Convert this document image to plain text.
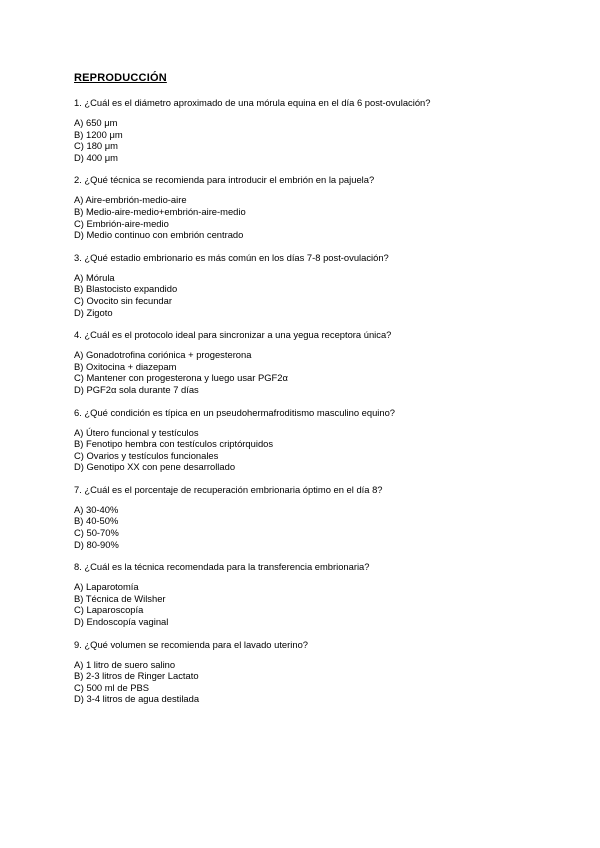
REPRODUCCIÓN
1. ¿Cuál es el diámetro aproximado de una mórula equina en el día 6 post-ovulación?
A) 650 μm
B) 1200 μm
C) 180 μm
D) 400 μm
2. ¿Qué técnica se recomienda para introducir el embrión en la pajuela?
A) Aire-embrión-medio-aire
B) Medio-aire-medio+embrión-aire-medio
C) Embrión-aire-medio
D) Medio continuo con embrión centrado
3. ¿Qué estadio embrionario es más común en los días 7-8 post-ovulación?
A) Mórula
B) Blastocisto expandido
C) Ovocito sin fecundar
D) Zigoto
4. ¿Cuál es el protocolo ideal para sincronizar a una yegua receptora única?
A) Gonadotrofina coriónica + progesterona
B) Oxitocina + diazepam
C) Mantener con progesterona y luego usar PGF2α
D) PGF2α sola durante 7 días
6. ¿Qué condición es típica en un pseudohermafroditismo masculino equino?
A) Útero funcional y testículos
B) Fenotipo hembra con testículos criptórquidos
C) Ovarios y testículos funcionales
D) Genotipo XX con pene desarrollado
7. ¿Cuál es el porcentaje de recuperación embrionaria óptimo en el día 8?
A) 30-40%
B) 40-50%
C) 50-70%
D) 80-90%
8. ¿Cuál es la técnica recomendada para la transferencia embrionaria?
A) Laparotomía
B) Técnica de Wilsher
C) Laparoscopía
D) Endoscopía vaginal
9. ¿Qué volumen se recomienda para el lavado uterino?
A) 1 litro de suero salino
B) 2-3 litros de Ringer Lactato
C) 500 ml de PBS
D) 3-4 litros de agua destilada
